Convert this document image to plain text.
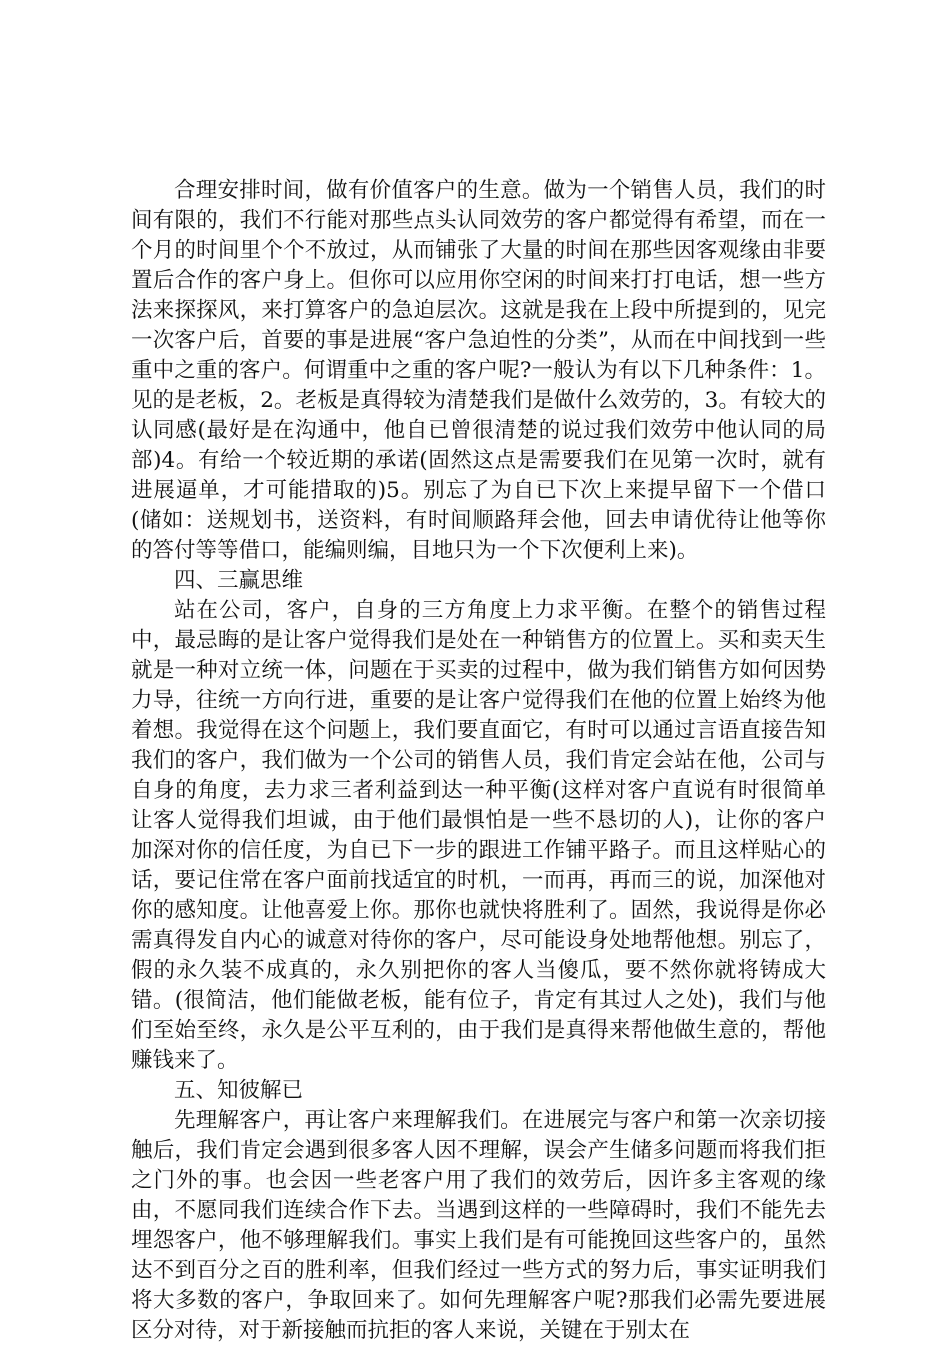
合理安排时间，做有价值客户的生意。做为一个销售人员，我们的时间有限的，我们不行能对那些点头认同效劳的客户都觉得有希望，而在一个月的时间里个个不放过，从而铺张了大量的时间在那些因客观缘由非要置后合作的客户身上。但你可以应用你空闲的时间来打打电话，想一些方法来探探风，来打算客户的急迫层次。这就是我在上段中所提到的，见完一次客户后，首要的事是进展“客户急迫性的分类”，从而在中间找到一些重中之重的客户。何谓重中之重的客户呢?一般认为有以下几种条件：1。见的是老板，2。老板是真得较为清楚我们是做什么效劳的，3。有较大的认同感(最好是在沟通中，他自已曾很清楚的说过我们效劳中他认同的局部)4。有给一个较近期的承诺(固然这点是需要我们在见第一次时，就有进展逼单，才可能措取的)5。别忘了为自已下次上来提早留下一个借口(储如：送规划书，送资料，有时间顺路拜会他，回去申请优待让他等你的答付等等借口，能编则编，目地只为一个下次便利上来)。

四、三赢思维

站在公司，客户，自身的三方角度上力求平衡。在整个的销售过程中，最忌晦的是让客户觉得我们是处在一种销售方的位置上。买和卖天生就是一种对立统一体，问题在于买卖的过程中，做为我们销售方如何因势力导，往统一方向行进，重要的是让客户觉得我们在他的位置上始终为他着想。我觉得在这个问题上，我们要直面它，有时可以通过言语直接告知我们的客户，我们做为一个公司的销售人员，我们肯定会站在他，公司与自身的角度，去力求三者利益到达一种平衡(这样对客户直说有时很简单让客人觉得我们坦诚，由于他们最惧怕是一些不恳切的人)，让你的客户加深对你的信任度，为自已下一步的跟进工作铺平路子。而且这样贴心的话，要记住常在客户面前找适宜的时机，一而再，再而三的说，加深他对你的感知度。让他喜爱上你。那你也就快将胜利了。固然，我说得是你必需真得发自内心的诚意对待你的客户，尽可能设身处地帮他想。别忘了，假的永久装不成真的，永久别把你的客人当傻瓜，要不然你就将铸成大错。(很简洁，他们能做老板，能有位子，肯定有其过人之处)，我们与他们至始至终，永久是公平互利的，由于我们是真得来帮他做生意的，帮他赚钱来了。

五、知彼解已

先理解客户，再让客户来理解我们。在进展完与客户和第一次亲切接触后，我们肯定会遇到很多客人因不理解，误会产生储多问题而将我们拒之门外的事。也会因一些老客户用了我们的效劳后，因许多主客观的缘由，不愿同我们连续合作下去。当遇到这样的一些障碍时，我们不能先去埋怨客户，他不够理解我们。事实上我们是有可能挽回这些客户的，虽然达不到百分之百的胜利率，但我们经过一些方式的努力后，事实证明我们将大多数的客户，争取回来了。如何先理解客户呢?那我们必需先要进展区分对待，对于新接触而抗拒的客人来说，关键在于别太在
